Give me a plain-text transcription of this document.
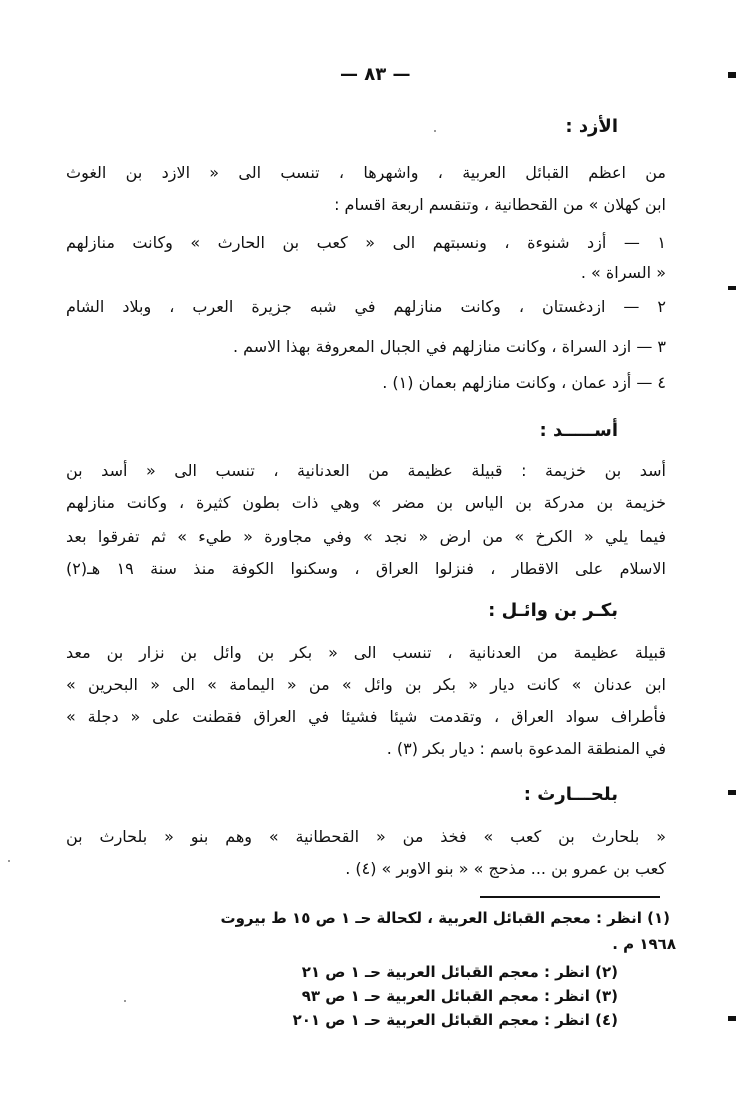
— ٨٣ —
الأزد :
من اعظم القبائل العربية ، واشهرها ، تنسب الى « الازد بن الغوث
ابن كهلان » من القحطانية ، وتنقسم اربعة اقسام :
١ — أزد شنوءة ، ونسبتهم الى « كعب بن الحارث » وكانت منازلهم
« السراة » .
٢ — ازدغستان ، وكانت منازلهم في شبه جزيرة العرب ، وبلاد الشام
٣ — ازد السراة ، وكانت منازلهم في الجبال المعروفة بهذا الاسم .
٤ — أزد عمان ، وكانت منازلهم بعمان (١) .
أســـــد :
أسد بن خزيمة : قبيلة عظيمة من العدنانية ، تنسب الى « أسد بن
خزيمة بن مدركة بن الياس بن مضر » وهي ذات بطون كثيرة ، وكانت منازلهم
فيما يلي « الكرخ » من ارض « نجد » وفي مجاورة « طيء » ثم تفرقوا بعد
الاسلام على الاقطار ، فنزلوا العراق ، وسكنوا الكوفة منذ سنة ١٩ هـ(٢)
بكـر بن وائـل :
قبيلة عظيمة من العدنانية ، تنسب الى « بكر بن وائل بن نزار بن معد
ابن عدنان » كانت ديار « بكر بن وائل » من « اليمامة » الى « البحرين »
فأطراف سواد العراق ، وتقدمت شيئا فشيئا في العراق فقطنت على « دجلة »
في المنطقة المدعوة باسم : ديار بكر (٣) .
بلحـــارث :
« بلحارث بن كعب » فخذ من « القحطانية » وهم بنو « بلحارث بن
كعب بن عمرو بن ... مذحج » « بنو الاوبر » (٤) .
(١) انظر : معجم القبائل العربية ، لكحالة حـ ١ ص ١٥ ط بيروت
١٩٦٨ م .
(٢) انظر : معجم القبائل العربية حـ ١ ص ٢١
(٣) انظر : معجم القبائل العربية حـ ١ ص ٩٣
(٤) انظر : معجم القبائل العربية حـ ١ ص ٢٠١
